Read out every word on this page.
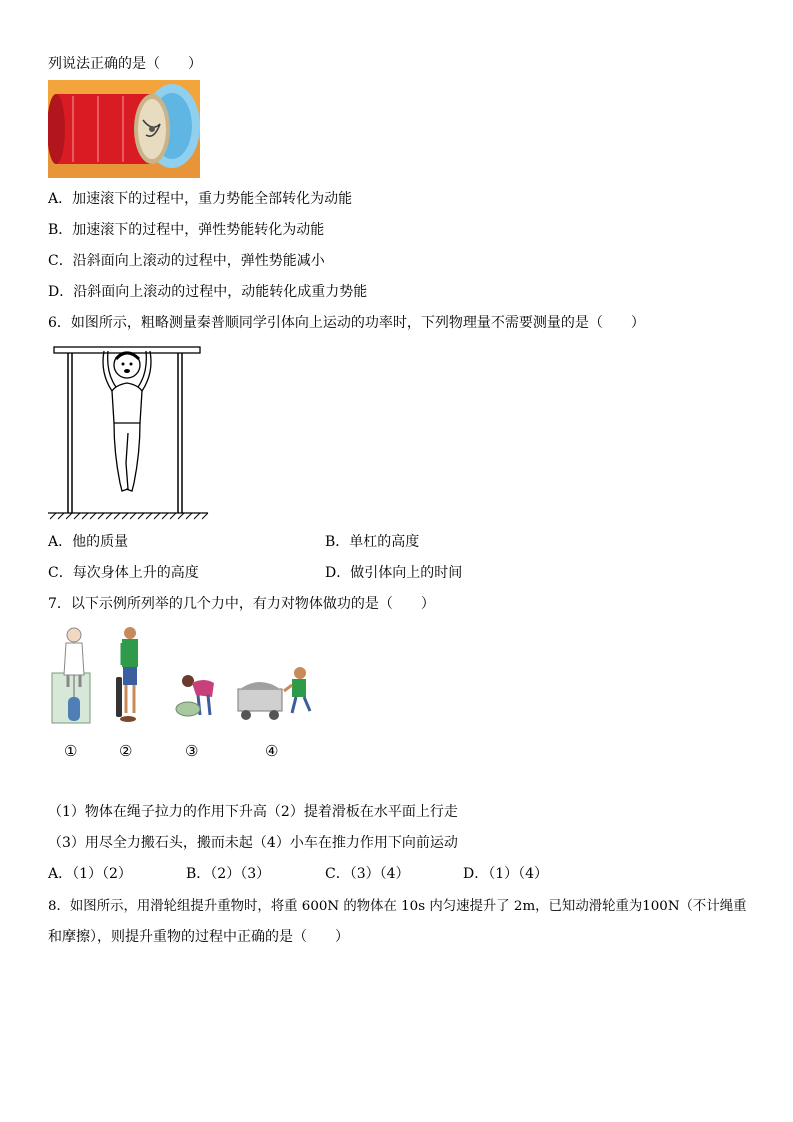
列说法正确的是（　　）
A．加速滚下的过程中，重力势能全部转化为动能
B．加速滚下的过程中，弹性势能转化为动能
C．沿斜面向上滚动的过程中，弹性势能减小
D．沿斜面向上滚动的过程中，动能转化成重力势能
6．如图所示，粗略测量秦普顺同学引体向上运动的功率时，下列物理量不需要测量的是（　　）
A．他的质量	B．单杠的高度
C．每次身体上升的高度	D．做引体向上的时间
7．以下示例所列举的几个力中，有力对物体做功的是（　　）
①	②	③	④
（1）物体在绳子拉力的作用下升高（2）提着滑板在水平面上行走
（3）用尽全力搬石头，搬而未起（4）小车在推力作用下向前运动
A．（1）（2）	B．（2）（3）	C．（3）（4）	D．（1）（4）
8．如图所示，用滑轮组提升重物时，将重 600N 的物体在 10s 内匀速提升了 2m，已知动滑轮重为100N（不计绳重
和摩擦），则提升重物的过程中正确的是（　　）
